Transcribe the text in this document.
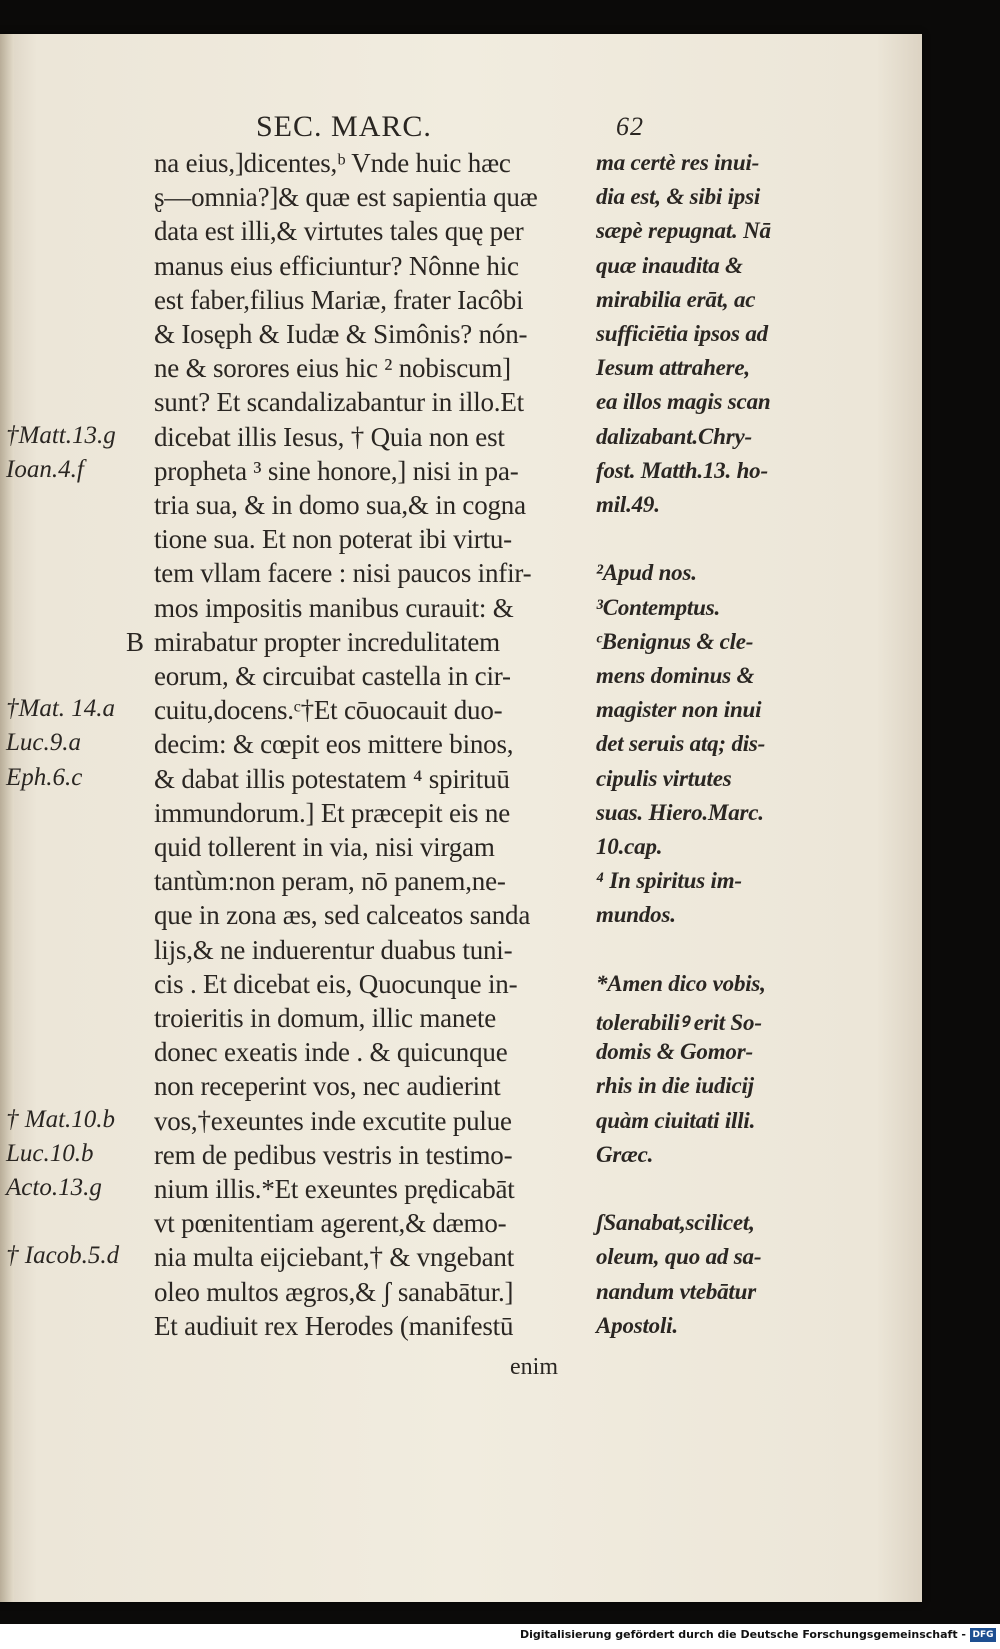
SEC. MARC.	62
na eius,]dicentes,ᵇ Vnde huic hæc	ma certè res inui-
ʂ—omnia?]& quæ est sapientia quæ	dia est, & sibi ipsi
data est illi,& virtutes tales quę per	sæpè repugnat. Nā
manus eius efficiuntur? Nônne hic	quæ inaudita &
est faber,filius Mariæ, frater Iacôbi	mirabilia erāt, ac
& Iosęph & Iudæ & Simônis? nón-	sufficiētia ipsos ad
ne & sorores eius hic ² nobiscum]	Iesum attrahere,
sunt? Et scandalizabantur in illo.Et	ea illos magis scan
†Matt.13.g	dicebat illis Iesus, † Quia non est	dalizabant.Chry-
Ioan.4.f	propheta ³ sine honore,] nisi in pa-	fost. Matth.13. ho-
tria sua, & in domo sua,& in cogna	mil.49.
tione sua. Et non poterat ibi virtu-
tem vllam facere : nisi paucos infir-	²Apud nos.
mos impositis manibus curauit: &	³Contemptus.
B mirabatur propter incredulitatem	ᶜBenignus & cle-
eorum, & circuibat castella in cir-	mens dominus &
†Mat. 14.a	cuitu,docens.ᶜ†Et cōuocauit duo-	magister non inui
Luc.9.a	decim: & cœpit eos mittere binos,	det seruis atq; dis-
Eph.6.c	& dabat illis potestatem ⁴ spirituū	cipulis virtutes
immundorum.] Et præcepit eis ne	suas. Hiero.Marc.
quid tollerent in via, nisi virgam	10.cap.
tantùm:non peram, nō panem,ne-	⁴ In spiritus im-
que in zona æs, sed calceatos sanda	mundos.
lijs,& ne induerentur duabus tuni-
cis . Et dicebat eis, Quocunque in-	*Amen dico vobis,
troieritis in domum, illic manete	tolerabiliꝰ erit So-
donec exeatis inde . & quicunque	domis & Gomor-
non receperint vos, nec audierint	rhis in die iudicij
† Mat.10.b	vos,†exeuntes inde excutite pulue	quàm ciuitati illi.
Luc.10.b	rem de pedibus vestris in testimo-	Græc.
Acto.13.g	nium illis.*Et exeuntes prędicabāt
vt pœnitentiam agerent,& dæmo-	ʃSanabat,scilicet,
† Iacob.5.d	nia multa eijciebant,† & vngebant	oleum, quo ad sa-
oleo multos ægros,& ʃ sanabātur.]	nandum vtebātur
Et audiuit rex Herodes (manifestū	Apostoli.
enim
Digitalisierung gefördert durch die Deutsche Forschungsgemeinschaft - DFG
